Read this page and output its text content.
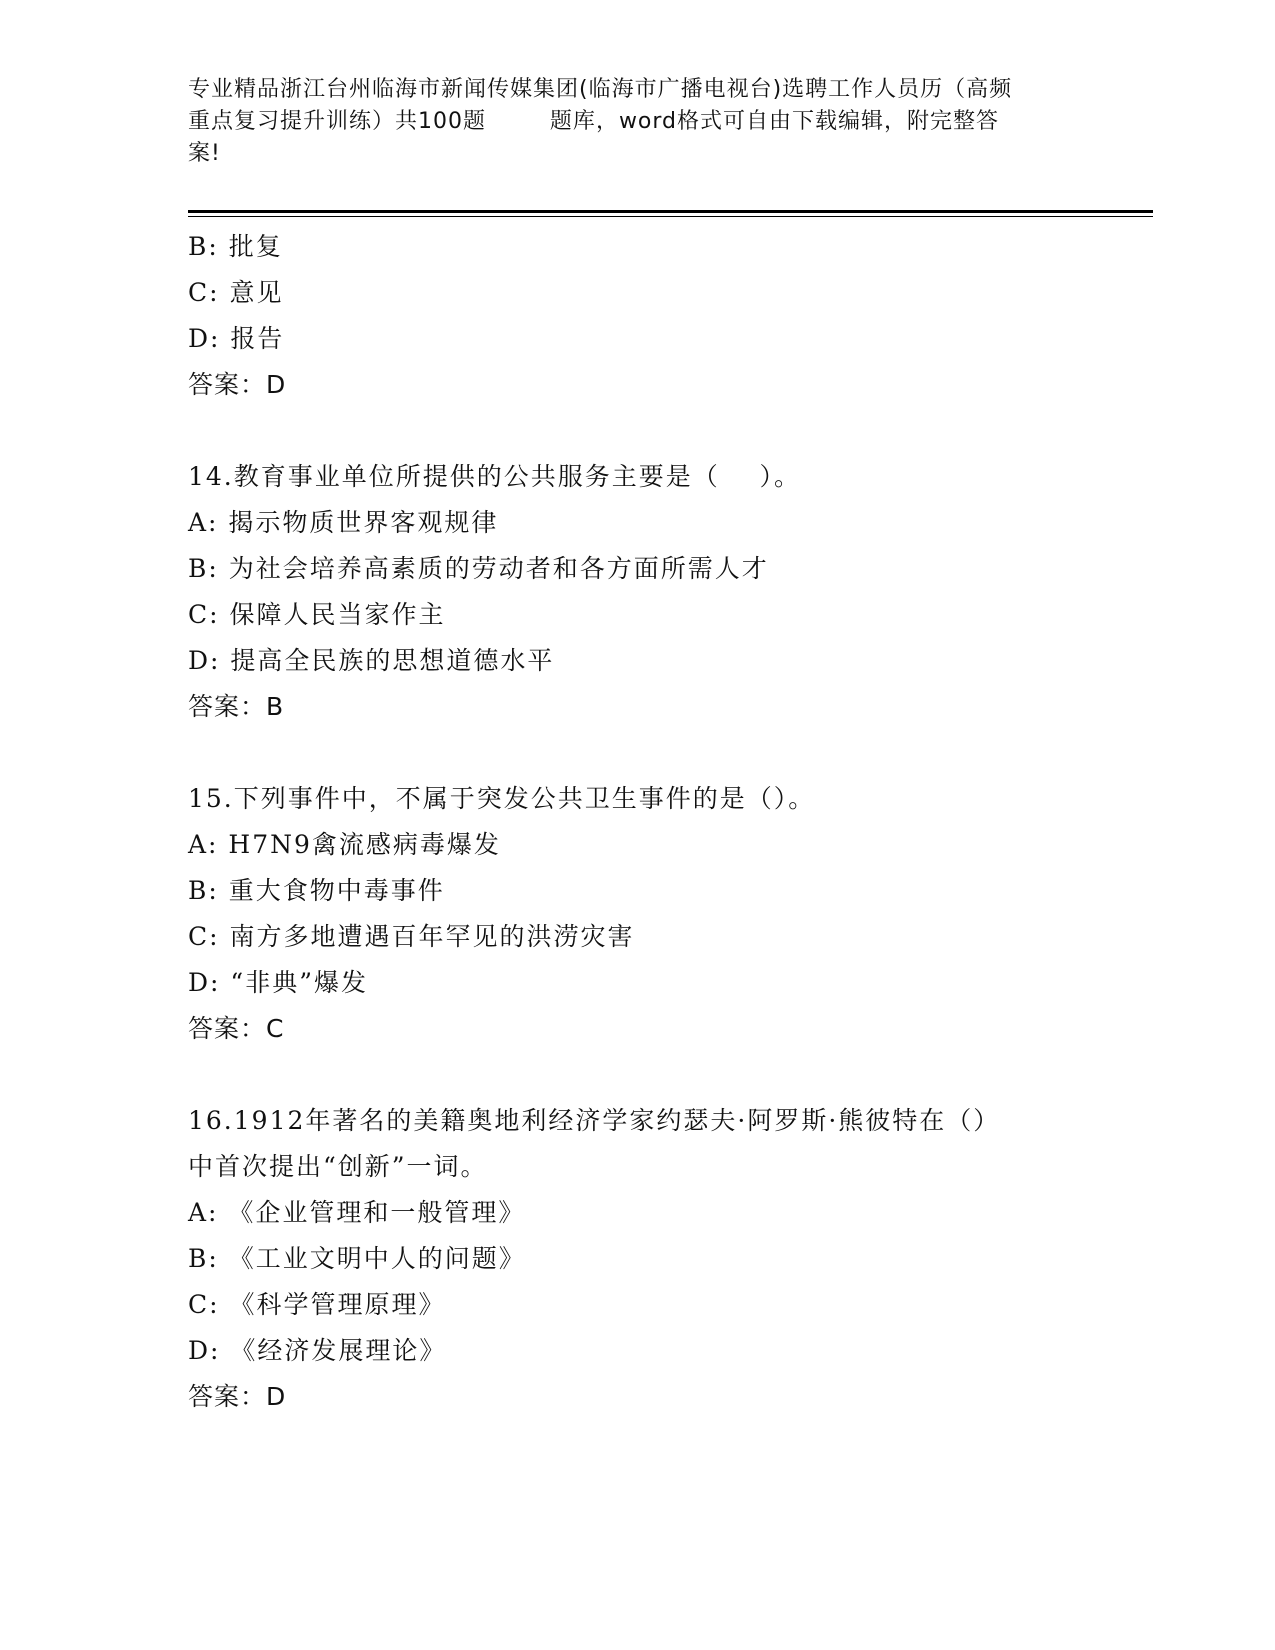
专业精品浙江台州临海市新闻传媒集团(临海市广播电视台)选聘工作人员历（高频
重点复习提升训练）共100题        题库，word格式可自由下载编辑，附完整答
案!
B: 批复
C: 意见
D: 报告
答案：D
14.教育事业单位所提供的公共服务主要是（    ）。
A: 揭示物质世界客观规律
B: 为社会培养高素质的劳动者和各方面所需人才
C: 保障人民当家作主
D: 提高全民族的思想道德水平
答案：B
15.下列事件中，不属于突发公共卫生事件的是（）。
A: H7N9禽流感病毒爆发
B: 重大食物中毒事件
C: 南方多地遭遇百年罕见的洪涝灾害
D: “非典”爆发
答案：C
16.1912年著名的美籍奥地利经济学家约瑟夫·阿罗斯·熊彼特在（）
中首次提出“创新”一词。
A: 《企业管理和一般管理》
B: 《工业文明中人的问题》
C: 《科学管理原理》
D: 《经济发展理论》
答案：D
